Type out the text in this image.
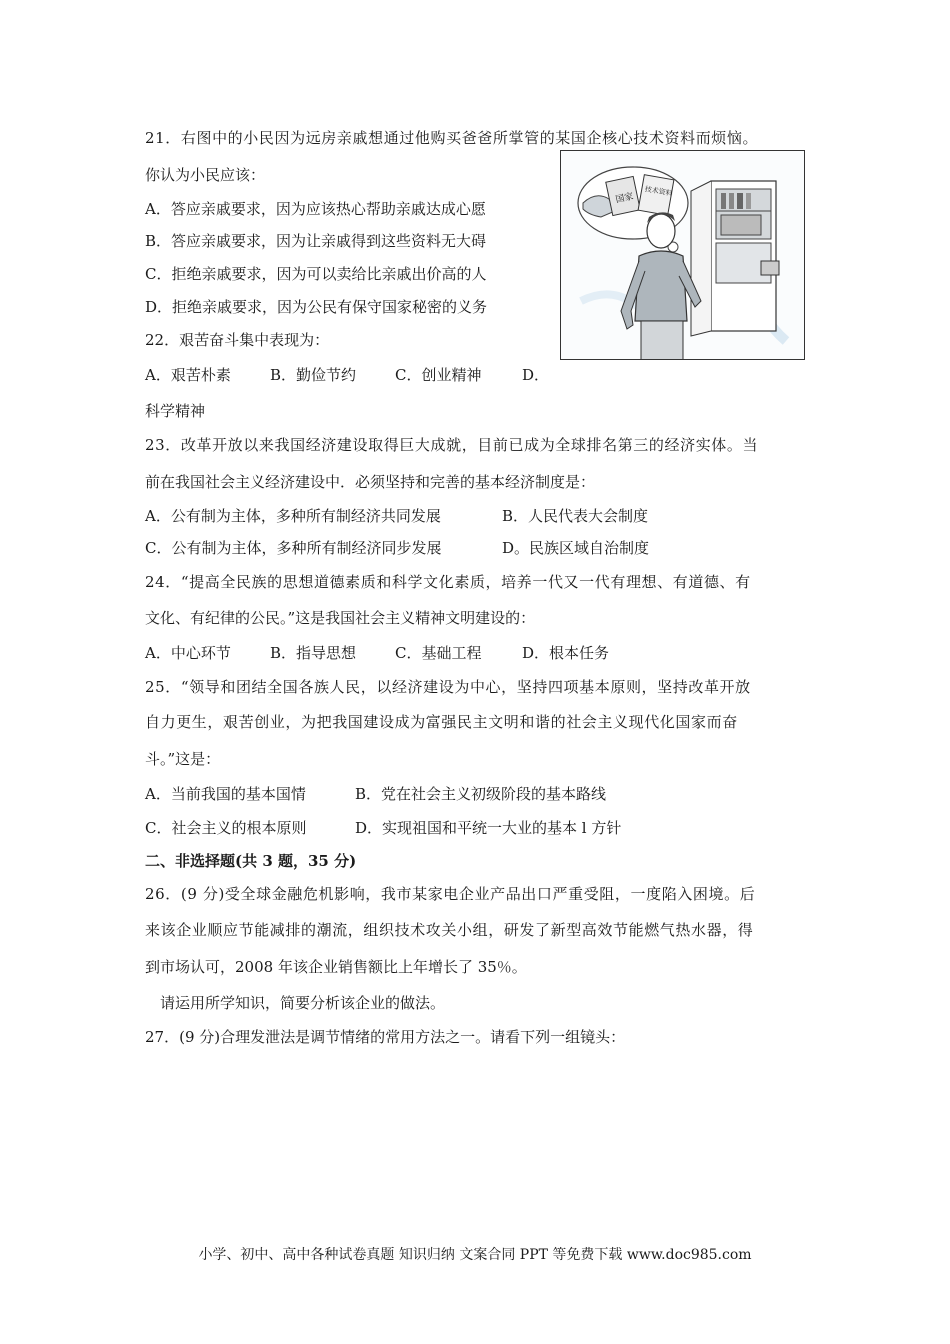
21．右图中的小民因为远房亲戚想通过他购买爸爸所掌管的某国企核心技术资料而烦恼。
你认为小民应该：
A．答应亲戚要求，因为应该热心帮助亲戚达成心愿
B．答应亲戚要求，因为让亲戚得到这些资料无大碍
C．拒绝亲戚要求，因为可以卖给比亲戚出价高的人
D．拒绝亲戚要求，因为公民有保守国家秘密的义务
国家
技术资料
22．艰苦奋斗集中表现为：
A．艰苦朴素	B．勤俭节约	C．创业精神	D．
科学精神
23．改革开放以来我国经济建设取得巨大成就，目前已成为全球排名第三的经济实体。当
前在我国社会主义经济建设中．必须坚持和完善的基本经济制度是：
A．公有制为主体，多种所有制经济共同发展	B．人民代表大会制度
C．公有制为主体，多种所有制经济同步发展	D。民族区域自治制度
24．“提高全民族的思想道德素质和科学文化素质，培养一代又一代有理想、有道德、有
文化、有纪律的公民。”这是我国社会主义精神文明建设的：
A．中心环节	B．指导思想	C．基础工程	D．根本任务
25．“领导和团结全国各族人民，以经济建设为中心，坚持四项基本原则，坚持改革开放
自力更生，艰苦创业，为把我国建设成为富强民主文明和谐的社会主义现代化国家而奋
斗。”这是：
A．当前我国的基本国情	B．党在社会主义初级阶段的基本路线
C．社会主义的根本原则	D．实现祖国和平统一大业的基本 l 方针
二、非选择题(共 3 题，35 分)
26．(9 分)受全球金融危机影响，我市某家电企业产品出口严重受阻，一度陷入困境。后
来该企业顺应节能减排的潮流，组织技术攻关小组，研发了新型高效节能燃气热水器，得
到市场认可，2008 年该企业销售额比上年增长了 35％。
请运用所学知识，简要分析该企业的做法。
27．(9 分)合理发泄法是调节情绪的常用方法之一。请看下列一组镜头：
小学、初中、高中各种试卷真题 知识归纳 文案合同 PPT 等免费下载 www.doc985.com
